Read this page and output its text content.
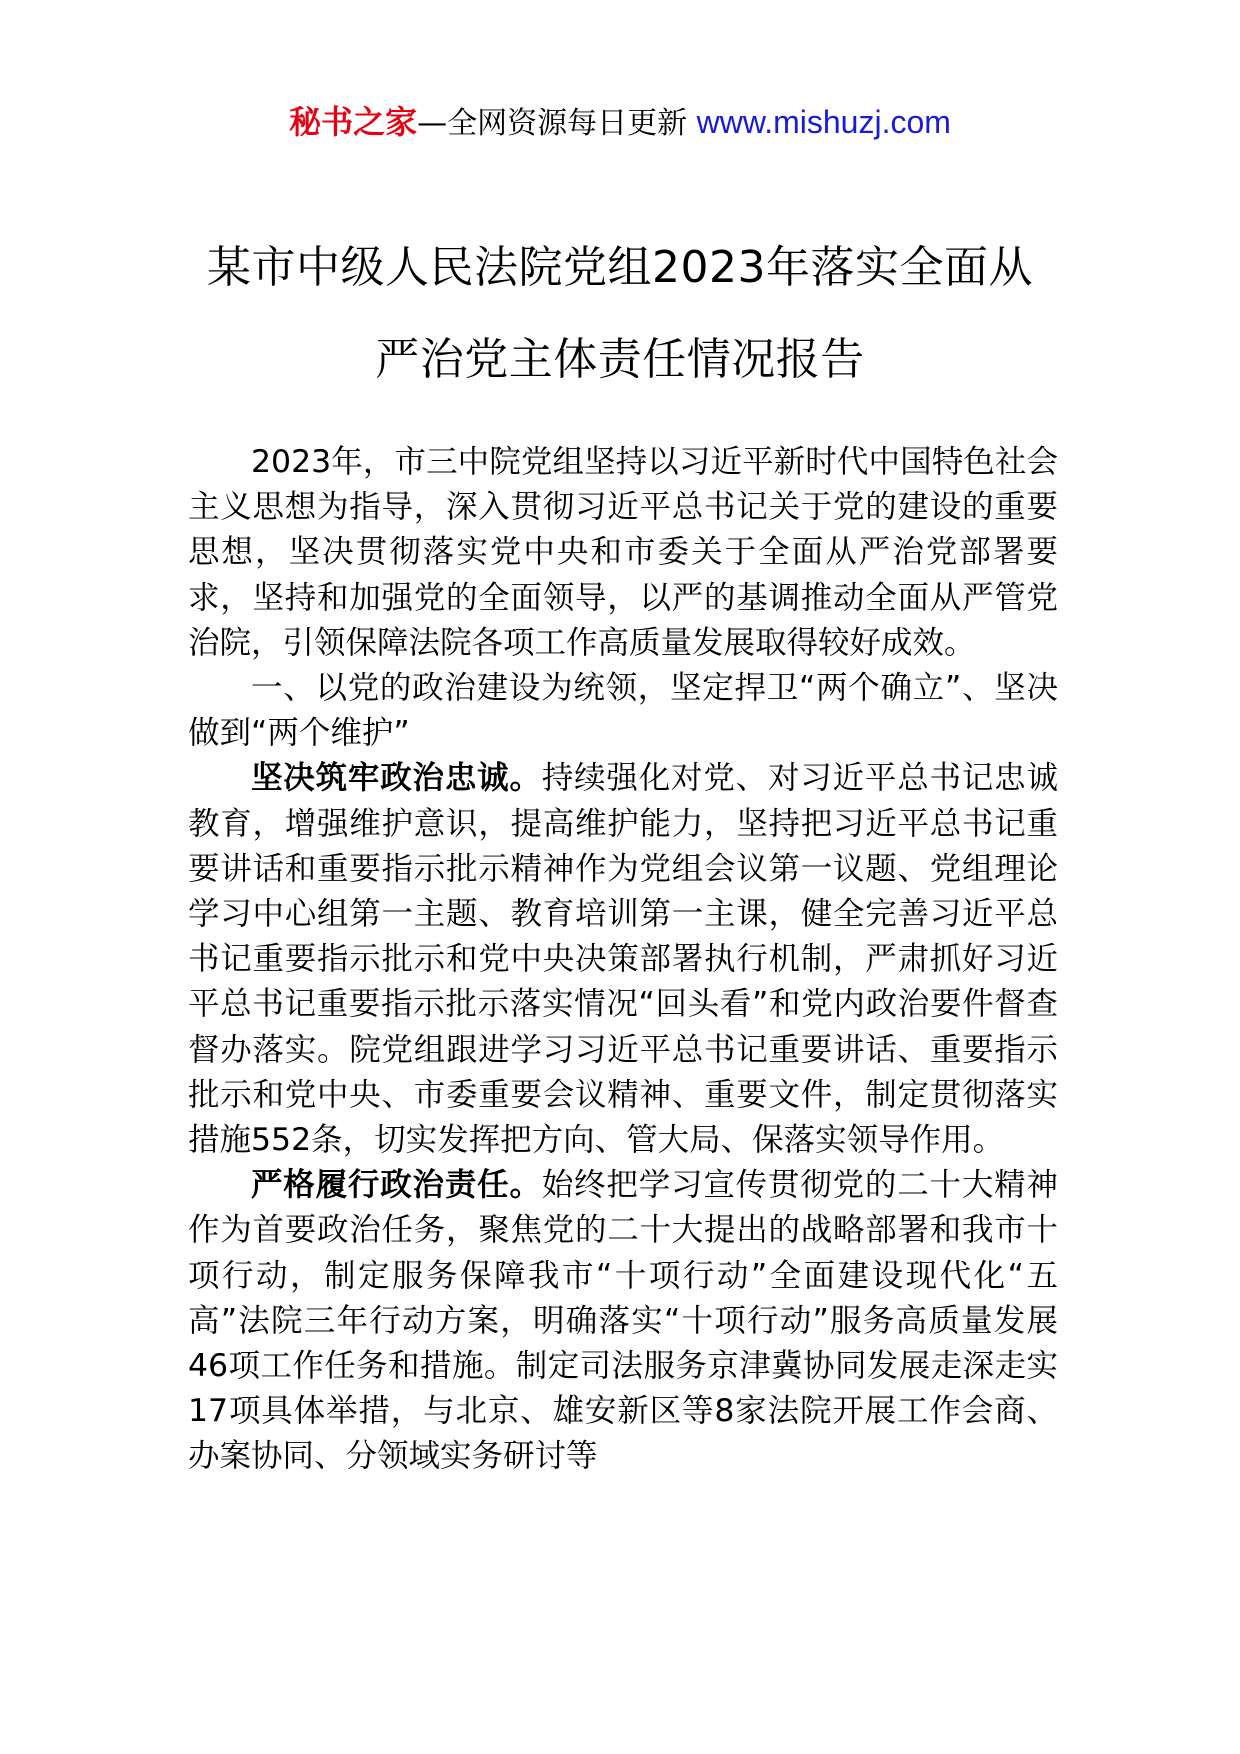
秘书之家—全网资源每日更新 www.mishuzj.com
某市中级人民法院党组2023年落实全面从
严治党主体责任情况报告

2023年，市三中院党组坚持以习近平新时代中国特色社会主义思想为指导，深入贯彻习近平总书记关于党的建设的重要思想，坚决贯彻落实党中央和市委关于全面从严治党部署要求，坚持和加强党的全面领导，以严的基调推动全面从严管党治院，引领保障法院各项工作高质量发展取得较好成效。

一、以党的政治建设为统领，坚定捍卫“两个确立”、坚决做到“两个维护”

坚决筑牢政治忠诚。持续强化对党、对习近平总书记忠诚教育，增强维护意识，提高维护能力，坚持把习近平总书记重要讲话和重要指示批示精神作为党组会议第一议题、党组理论学习中心组第一主题、教育培训第一主课，健全完善习近平总书记重要指示批示和党中央决策部署执行机制，严肃抓好习近平总书记重要指示批示落实情况“回头看”和党内政治要件督查督办落实。院党组跟进学习习近平总书记重要讲话、重要指示批示和党中央、市委重要会议精神、重要文件，制定贯彻落实措施552条，切实发挥把方向、管大局、保落实领导作用。

严格履行政治责任。始终把学习宣传贯彻党的二十大精神作为首要政治任务，聚焦党的二十大提出的战略部署和我市十项行动，制定服务保障我市“十项行动”全面建设现代化“五高”法院三年行动方案，明确落实“十项行动”服务高质量发展46项工作任务和措施。制定司法服务京津冀协同发展走深走实17项具体举措，与北京、雄安新区等8家法院开展工作会商、办案协同、分领域实务研讨等
